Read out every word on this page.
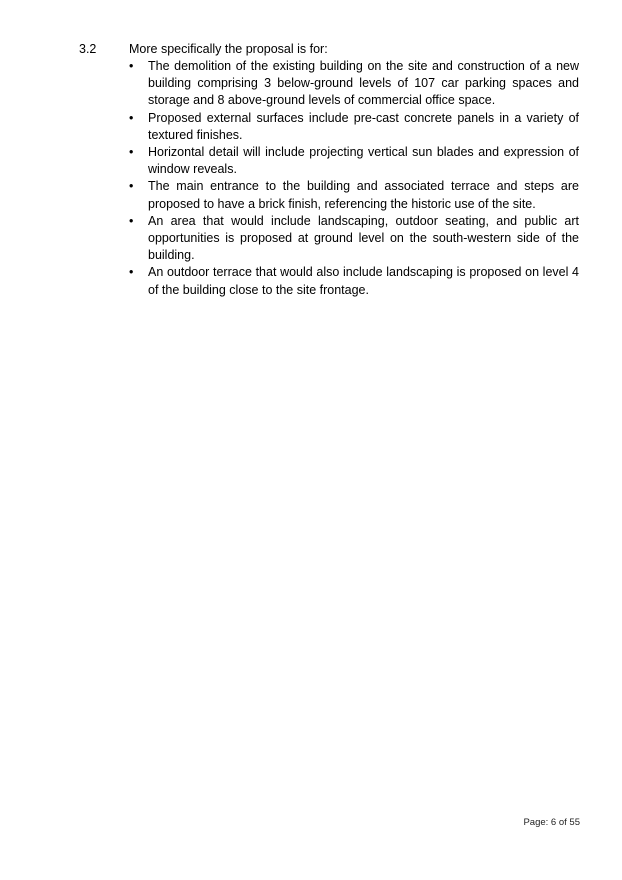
3.2	More specifically the proposal is for:

•	The demolition of the existing building on the site and construction of a new building comprising 3 below-ground levels of 107 car parking spaces and storage and 8 above-ground levels of commercial office space.
•	Proposed external surfaces include pre-cast concrete panels in a variety of textured finishes.
•	Horizontal detail will include projecting vertical sun blades and expression of window reveals.
•	The main entrance to the building and associated terrace and steps are proposed to have a brick finish, referencing the historic use of the site.
•	An area that would include landscaping, outdoor seating, and public art opportunities is proposed at ground level on the south-western side of the building.
•	An outdoor terrace that would also include landscaping is proposed on level 4 of the building close to the site frontage.
Page: 6 of 55
